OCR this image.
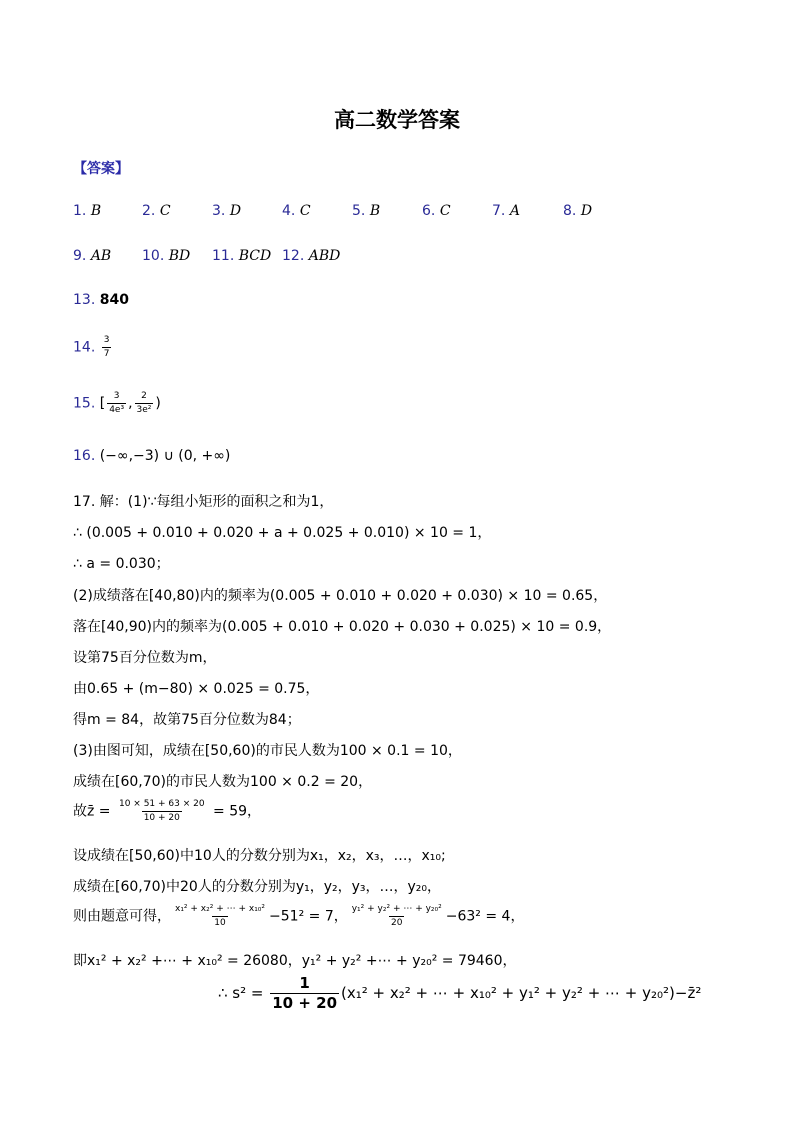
高二数学答案
【答案】
1. B	2. C	3. D	4. C	5. B	6. C	7. A	8. D
9. AB 10. BD 11. BCD 12. ABD
13. 840
14. $\frac{3}{7}$
15. [ $\frac{3}{\text{4e³}}$ , $\frac{2}{\text{3e²}}$ )
16. (−∞,−3) ∪ (0, +∞)
17. 解：(1)∵每组小矩形的面积之和为1，
∴ (0.005 + 0.010 + 0.020 + a + 0.025 + 0.010) × 10 = 1，
∴ a = 0.030；
(2)成绩落在[40,80)内的频率为(0.005 + 0.010 + 0.020 + 0.030) × 10 = 0.65，
落在[40,90)内的频率为(0.005 + 0.010 + 0.020 + 0.030 + 0.025) × 10 = 0.9，
设第75百分位数为m，
由0.65 + (m−80) × 0.025 = 0.75，
得m = 84，故第75百分位数为84；
(3)由图可知，成绩在[50,60)的市民人数为100 × 0.1 = 10，
成绩在[60,70)的市民人数为100 × 0.2 = 20，
故z̄ = $\frac{10 \times 51 + 63 \times 20}{10 + 20} = 59$，
设成绩在[50,60)中10人的分数分别为x₁，x₂，x₃，…，x₁₀;
成绩在[60,70)中20人的分数分别为y₁，y₂，y₃，…，y₂₀，
则由题意可得， $\frac{\text{x₁² + x₂² + ⋯ + x₁₀²}}{10} -51^2 = 7$， $\frac{\text{y₁² + y₂² + ⋯ + y₂₀²}}{20} -63^2 = 4$，
即x₁² + x₂² +⋯ + x₁₀² = 26080，y₁² + y₂² +⋯ + y₂₀² = 79460，
∴ $s^2 = \frac{1}{10 + 20} (x_1^2 + x_2^2$ + ⋯ + x₁₀² + y₁² + y₂² + ⋯ + y₂₀²)−z̄²
